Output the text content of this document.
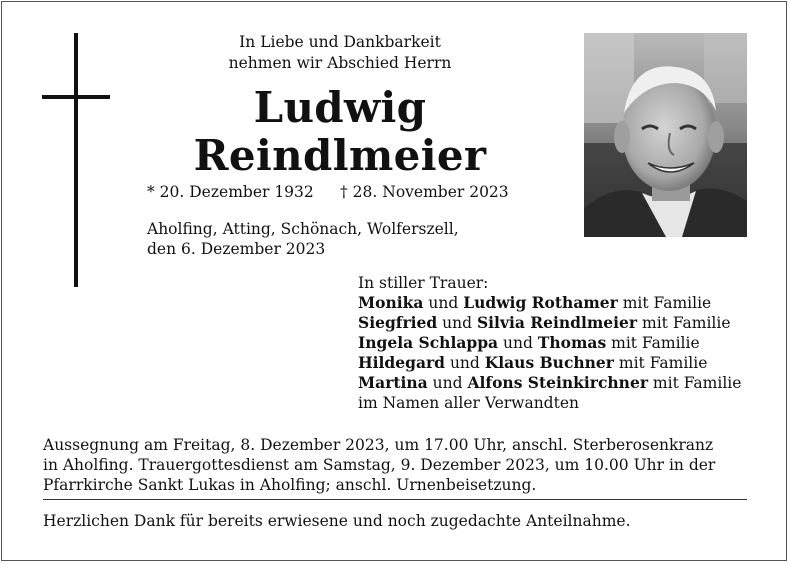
In Liebe und Dankbarkeit
nehmen wir Abschied Herrn
Ludwig
Reindlmeier
* 20. Dezember 1932 † 28. November 2023
Aholfing, Atting, Schönach, Wolferszell,
den 6. Dezember 2023
In stiller Trauer:
Monika und Ludwig Rothamer mit Familie
Siegfried und Silvia Reindlmeier mit Familie
Ingela Schlappa und Thomas mit Familie
Hildegard und Klaus Buchner mit Familie
Martina und Alfons Steinkirchner mit Familie
im Namen aller Verwandten
Aussegnung am Freitag, 8. Dezember 2023, um 17.00 Uhr, anschl. Sterberosenkranz
in Aholfing. Trauergottesdienst am Samstag, 9. Dezember 2023, um 10.00 Uhr in der
Pfarrkirche Sankt Lukas in Aholfing; anschl. Urnenbeisetzung.
Herzlichen Dank für bereits erwiesene und noch zugedachte Anteilnahme.
